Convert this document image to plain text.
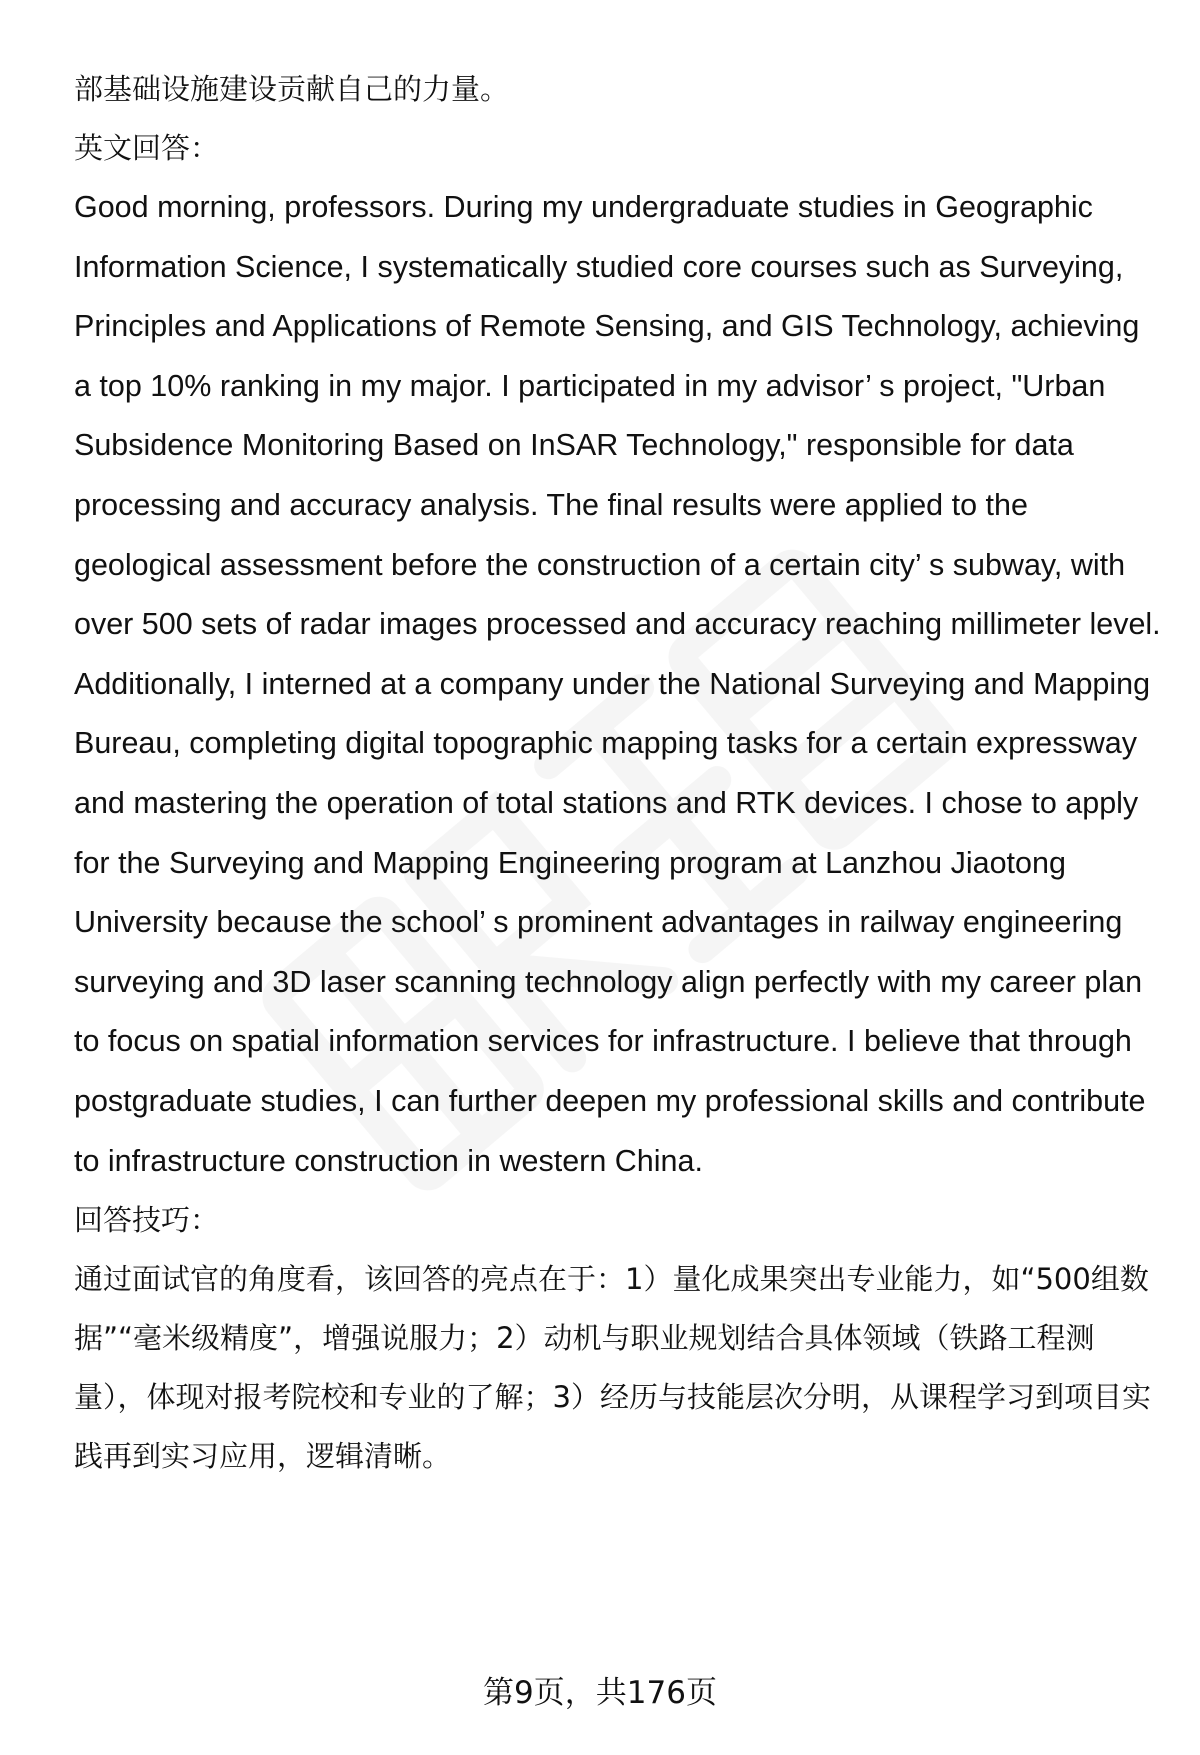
部基础设施建设贡献自己的力量。

英文回答：

Good morning, professors. During my undergraduate studies in Geographic Information Science, I systematically studied core courses such as Surveying, Principles and Applications of Remote Sensing, and GIS Technology, achieving a top 10% ranking in my major. I participated in my advisor’ s project, "Urban Subsidence Monitoring Based on InSAR Technology," responsible for data processing and accuracy analysis. The final results were applied to the geological assessment before the construction of a certain city’ s subway, with over 500 sets of radar images processed and accuracy reaching millimeter level. Additionally, I interned at a company under the National Surveying and Mapping Bureau, completing digital topographic mapping tasks for a certain expressway and mastering the operation of total stations and RTK devices. I chose to apply for the Surveying and Mapping Engineering program at Lanzhou Jiaotong University because the school’ s prominent advantages in railway engineering surveying and 3D laser scanning technology align perfectly with my career plan to focus on spatial information services for infrastructure. I believe that through postgraduate studies, I can further deepen my professional skills and contribute to infrastructure construction in western China.

回答技巧：

通过面试官的角度看，该回答的亮点在于：1）量化成果突出专业能力，如“500组数据”“毫米级精度”，增强说服力；2）动机与职业规划结合具体领域（铁路工程测量），体现对报考院校和专业的了解；3）经历与技能层次分明，从课程学习到项目实践再到实习应用，逻辑清晰。

第9页，共176页
